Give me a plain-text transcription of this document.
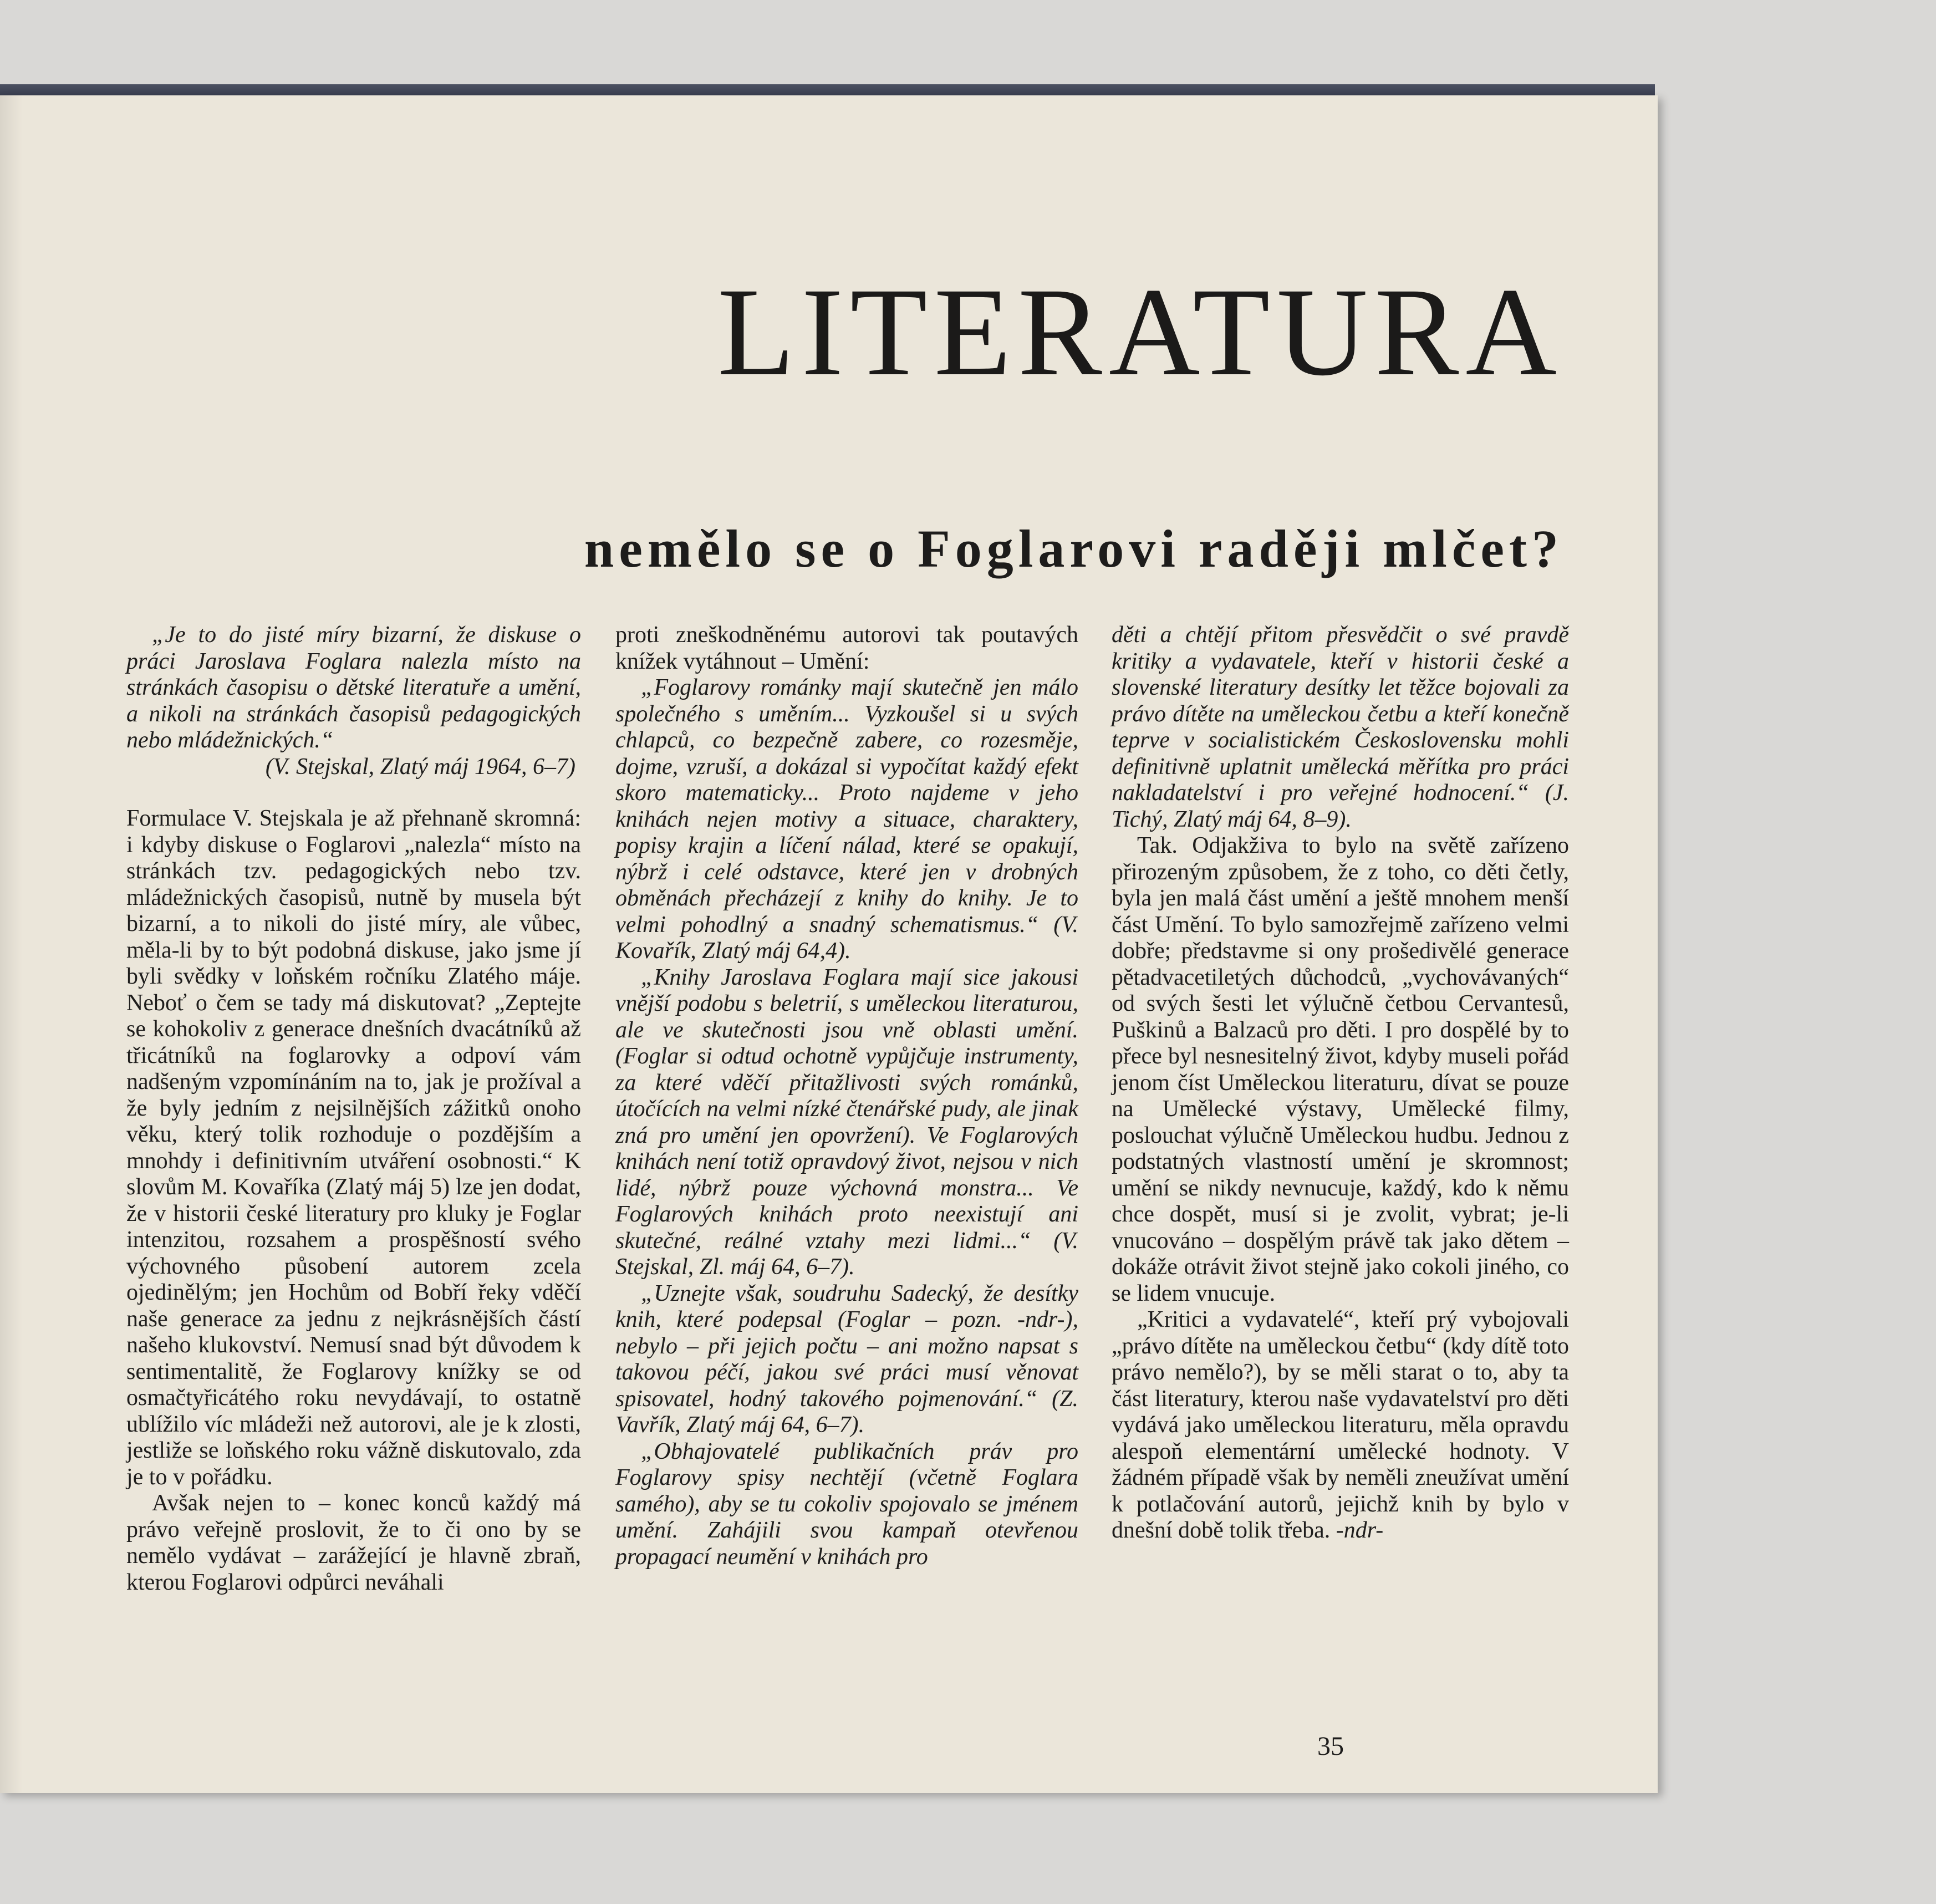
LITERATURA
nemělo se o Foglarovi raději mlčet?

„Je to do jisté míry bizarní, že diskuse o práci Jaroslava Foglara nalezla místo na stránkách časopisu o dětské literatuře a umění, a nikoli na stránkách časopisů pedagogických nebo mládežnických.“

(V. Stejskal, Zlatý máj 1964, 6–7)

Formulace V. Stejskala je až přehnaně skromná: i kdyby diskuse o Foglarovi „nalezla“ místo na stránkách tzv. pedagogických nebo tzv. mládežnických časopisů, nutně by musela být bizarní, a to nikoli do jisté míry, ale vůbec, měla-li by to být podobná diskuse, jako jsme jí byli svědky v loňském ročníku Zlatého máje. Neboť o čem se tady má diskutovat? „Zeptejte se kohokoliv z generace dnešních dvacátníků až třicátníků na foglarovky a odpoví vám nadšeným vzpomínáním na to, jak je prožíval a že byly jedním z nejsilnějších zážitků onoho věku, který tolik rozhoduje o pozdějším a mnohdy i definitivním utváření osobnosti.“ K slovům M. Kovaříka (Zlatý máj 5) lze jen dodat, že v historii české literatury pro kluky je Foglar intenzitou, rozsahem a prospěšností svého výchovného působení autorem zcela ojedinělým; jen Hochům od Bobří řeky vděčí naše generace za jednu z nejkrásnějších částí našeho klukovství. Nemusí snad být důvodem k sentimentalitě, že Foglarovy knížky se od osmačtyřicátého roku nevydávají, to ostatně ublížilo víc mládeži než autorovi, ale je k zlosti, jestliže se loňského roku vážně diskutovalo, zda je to v pořádku.

Avšak nejen to – konec konců každý má právo veřejně proslovit, že to či ono by se nemělo vydávat – zarážející je hlavně zbraň, kterou Foglarovi odpůrci neváhali

proti zneškodněnému autorovi tak poutavých knížek vytáhnout – Umění:

„Foglarovy románky mají skutečně jen málo společného s uměním... Vyzkoušel si u svých chlapců, co bezpečně zabere, co rozesměje, dojme, vzruší, a dokázal si vypočítat každý efekt skoro matematicky... Proto najdeme v jeho knihách nejen motivy a situace, charaktery, popisy krajin a líčení nálad, které se opakují, nýbrž i celé odstavce, které jen v drobných obměnách přecházejí z knihy do knihy. Je to velmi pohodlný a snadný schematismus.“ (V. Kovařík, Zlatý máj 64,4).

„Knihy Jaroslava Foglara mají sice jakousi vnější podobu s beletrií, s uměleckou literaturou, ale ve skutečnosti jsou vně oblasti umění. (Foglar si odtud ochotně vypůjčuje instrumenty, za které vděčí přitažlivosti svých románků, útočících na velmi nízké čtenářské pudy, ale jinak zná pro umění jen opovržení). Ve Foglarových knihách není totiž opravdový život, nejsou v nich lidé, nýbrž pouze výchovná monstra... Ve Foglarových knihách proto neexistují ani skutečné, reálné vztahy mezi lidmi...“ (V. Stejskal, Zl. máj 64, 6–7).

„Uznejte však, soudruhu Sadecký, že desítky knih, které podepsal (Foglar – pozn. -ndr-), nebylo – při jejich počtu – ani možno napsat s takovou péčí, jakou své práci musí věnovat spisovatel, hodný takového pojmenování.“ (Z. Vavřík, Zlatý máj 64, 6–7).

„Obhajovatelé publikačních práv pro Foglarovy spisy nechtějí (včetně Foglara samého), aby se tu cokoliv spojovalo se jménem umění. Zahájili svou kampaň otevřenou propagací neumění v knihách pro

děti a chtějí přitom přesvědčit o své pravdě kritiky a vydavatele, kteří v historii české a slovenské literatury desítky let těžce bojovali za právo dítěte na uměleckou četbu a kteří konečně teprve v socialistickém Československu mohli definitivně uplatnit umělecká měřítka pro práci nakladatelství i pro veřejné hodnocení.“ (J. Tichý, Zlatý máj 64, 8–9).

Tak. Odjakživa to bylo na světě zařízeno přirozeným způsobem, že z toho, co děti četly, byla jen malá část umění a ještě mnohem menší část Umění. To bylo samozřejmě zařízeno velmi dobře; představme si ony prošedivělé generace pětadvacetiletých důchodců, „vychovávaných“ od svých šesti let výlučně četbou Cervantesů, Puškinů a Balzaců pro děti. I pro dospělé by to přece byl nesnesitelný život, kdyby museli pořád jenom číst Uměleckou literaturu, dívat se pouze na Umělecké výstavy, Umělecké filmy, poslouchat výlučně Uměleckou hudbu. Jednou z podstatných vlastností umění je skromnost; umění se nikdy nevnucuje, každý, kdo k němu chce dospět, musí si je zvolit, vybrat; je-li vnucováno – dospělým právě tak jako dětem – dokáže otrávit život stejně jako cokoli jiného, co se lidem vnucuje.

„Kritici a vydavatelé“, kteří prý vybojovali „právo dítěte na uměleckou četbu“ (kdy dítě toto právo nemělo?), by se měli starat o to, aby ta část literatury, kterou naše vydavatelství pro děti vydává jako uměleckou literaturu, měla opravdu alespoň elementární umělecké hodnoty. V žádném případě však by neměli zneužívat umění k potlačování autorů, jejichž knih by bylo v dnešní době tolik třeba. -ndr-

35
